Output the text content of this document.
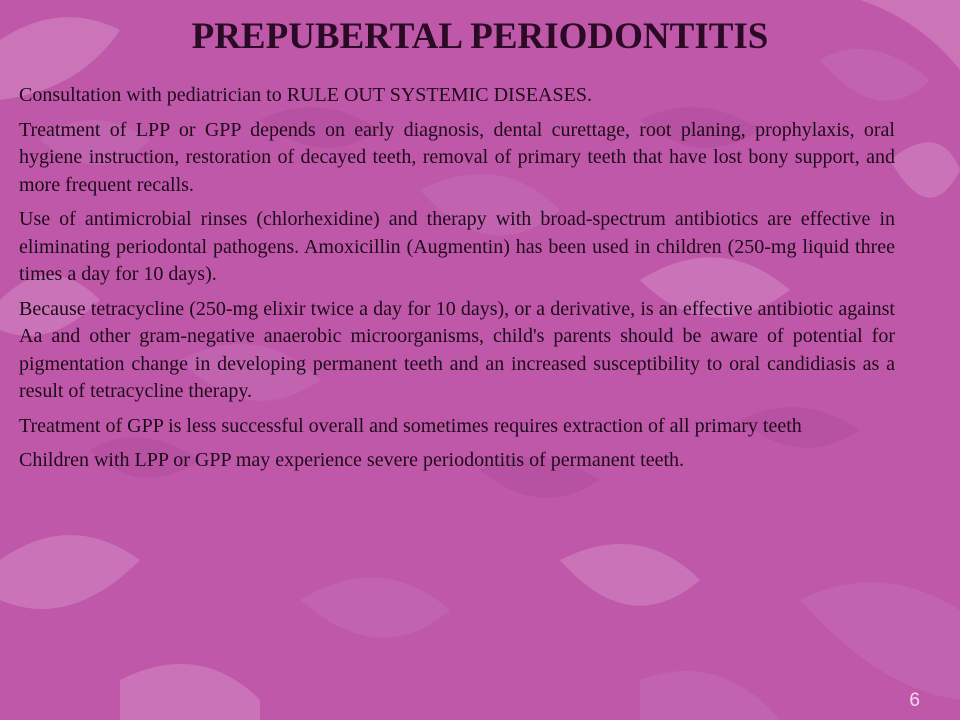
PREPUBERTAL PERIODONTITIS

Consultation with pediatrician to RULE OUT SYSTEMIC DISEASES.

Treatment of LPP or GPP depends on early diagnosis, dental curettage, root planing, prophylaxis, oral hygiene instruction, restoration of decayed teeth, removal of primary teeth that have lost bony support, and more frequent recalls.

Use of antimicrobial rinses (chlorhexidine) and therapy with broad-spectrum antibiotics are effective in eliminating periodontal pathogens. Amoxicillin (Augmentin) has been used in children (250-mg liquid three times a day for 10 days).

Because tetracycline (250-mg elixir twice a day for 10 days), or a derivative, is an effective antibiotic against Aa and other gram-negative anaerobic microorganisms, child's parents should be aware of potential for pigmentation change in developing permanent teeth and an increased susceptibility to oral candidiasis as a result of tetracycline therapy.

Treatment of GPP is less successful overall and sometimes requires extraction of all primary teeth

Children with LPP or GPP may experience severe periodontitis of permanent teeth.

6
